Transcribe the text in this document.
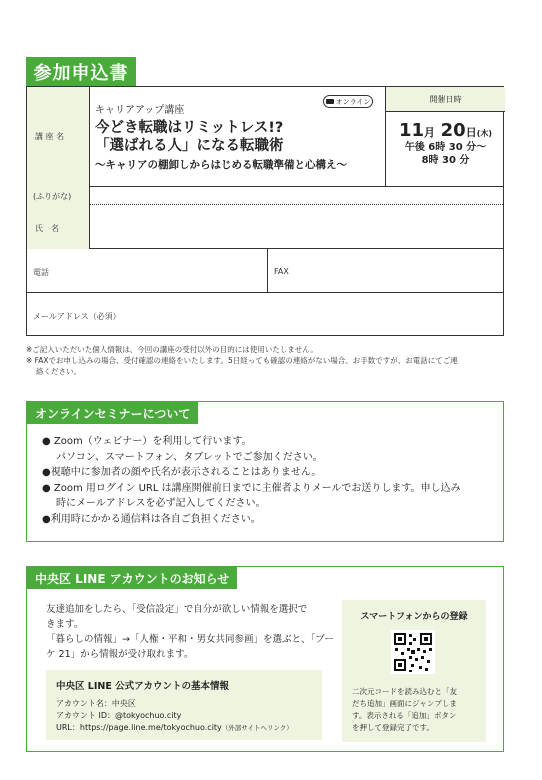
参加申込書
講 座 名
キャリアアップ講座
オンライン
今どき転職はリミットレス!?
「選ばれる人」になる転職術
～キャリアの棚卸しからはじめる転職準備と心構え～
開催日時
11月 20日(木)
午後 6時 30 分～
8時 30 分
(ふりがな)
氏　名
電話	FAX
メールアドレス（必須）
※ご記入いただいた個人情報は、今回の講座の受付以外の目的には使用いたしません。
※ FAXでお申し込みの場合、受付確認の連絡をいたします。5日経っても確認の連絡がない場合、お手数ですが、お電話にてご連
絡ください。
オンラインセミナーについて
● Zoom（ウェビナー）を利用して行います。
パソコン、スマートフォン、タブレットでご参加ください。
●視聴中に参加者の顔や氏名が表示されることはありません。
● Zoom 用ログイン URL は講座開催前日までに主催者よりメールでお送りします。申し込み
時にメールアドレスを必ず記入してください。
●利用時にかかる通信料は各自ご負担ください。
中央区 LINE アカウントのお知らせ
友達追加をしたら、「受信設定」で自分が欲しい情報を選択で
きます。
「暮らしの情報」→「人権・平和・男女共同参画」を選ぶと、「ブー
ケ 21」から情報が受け取れます。
中央区 LINE 公式アカウントの基本情報
アカウント名：中央区
アカウント ID：@tokyochuo.city
URL：https://page.line.me/tokyochuo.city（外部サイトへリンク）
スマートフォンからの登録
二次元コードを読み込むと「友
だち追加」画面にジャンプしま
す。表示される「追加」ボタン
を押して登録完了です。
